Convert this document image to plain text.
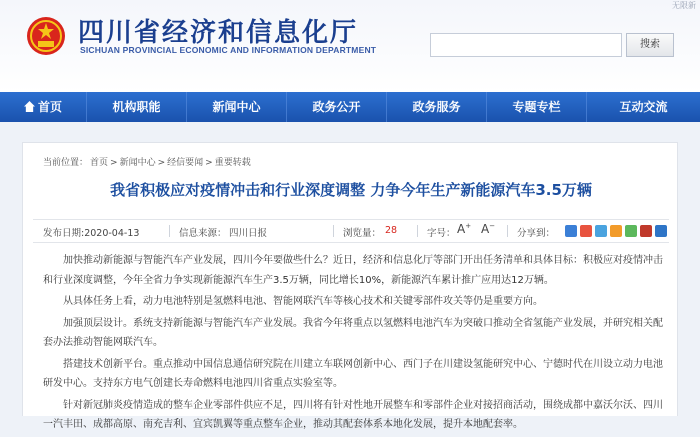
四川省经济和信息化厅
SICHUAN PROVINCIAL ECONOMIC AND INFORMATION DEPARTMENT
无限新
搜索
首页	机构职能	新闻中心	政务公开	政务服务	专题专栏	互动交流
当前位置： 首页 > 新闻中心 > 经信要闻 > 重要转载
我省积极应对疫情冲击和行业深度调整 力争今年生产新能源汽车3.5万辆
发布日期:2020-04-13	信息来源： 四川日报	浏览量： 28	字号： A+ A−
分享到：

加快推动新能源与智能汽车产业发展，四川今年要做些什么？近日，经济和信息化厅等部门开出任务清单和具体目标：积极应对疫情冲击和行业深度调整，今年全省力争实现新能源汽车生产3.5万辆，同比增长10%，新能源汽车累计推广应用达12万辆。

从具体任务上看，动力电池特别是氢燃料电池、智能网联汽车等核心技术和关键零部件攻关等仍是重要方向。

加强顶层设计。系统支持新能源与智能汽车产业发展。我省今年将重点以氢燃料电池汽车为突破口推动全省氢能产业发展，并研究相关配套办法推动智能网联汽车。

搭建技术创新平台。重点推动中国信息通信研究院在川建立车联网创新中心、西门子在川建设氢能研究中心、宁德时代在川设立动力电池研发中心。支持东方电气创建长寿命燃料电池四川省重点实验室等。

针对新冠肺炎疫情造成的整车企业零部件供应不足，四川将有针对性地开展整车和零部件企业对接招商活动，围绕成都中嘉沃尔沃、四川一汽丰田、成都高原、南充吉利、宜宾凯翼等重点整车企业，推动其配套体系本地化发展，提升本地配套率。
